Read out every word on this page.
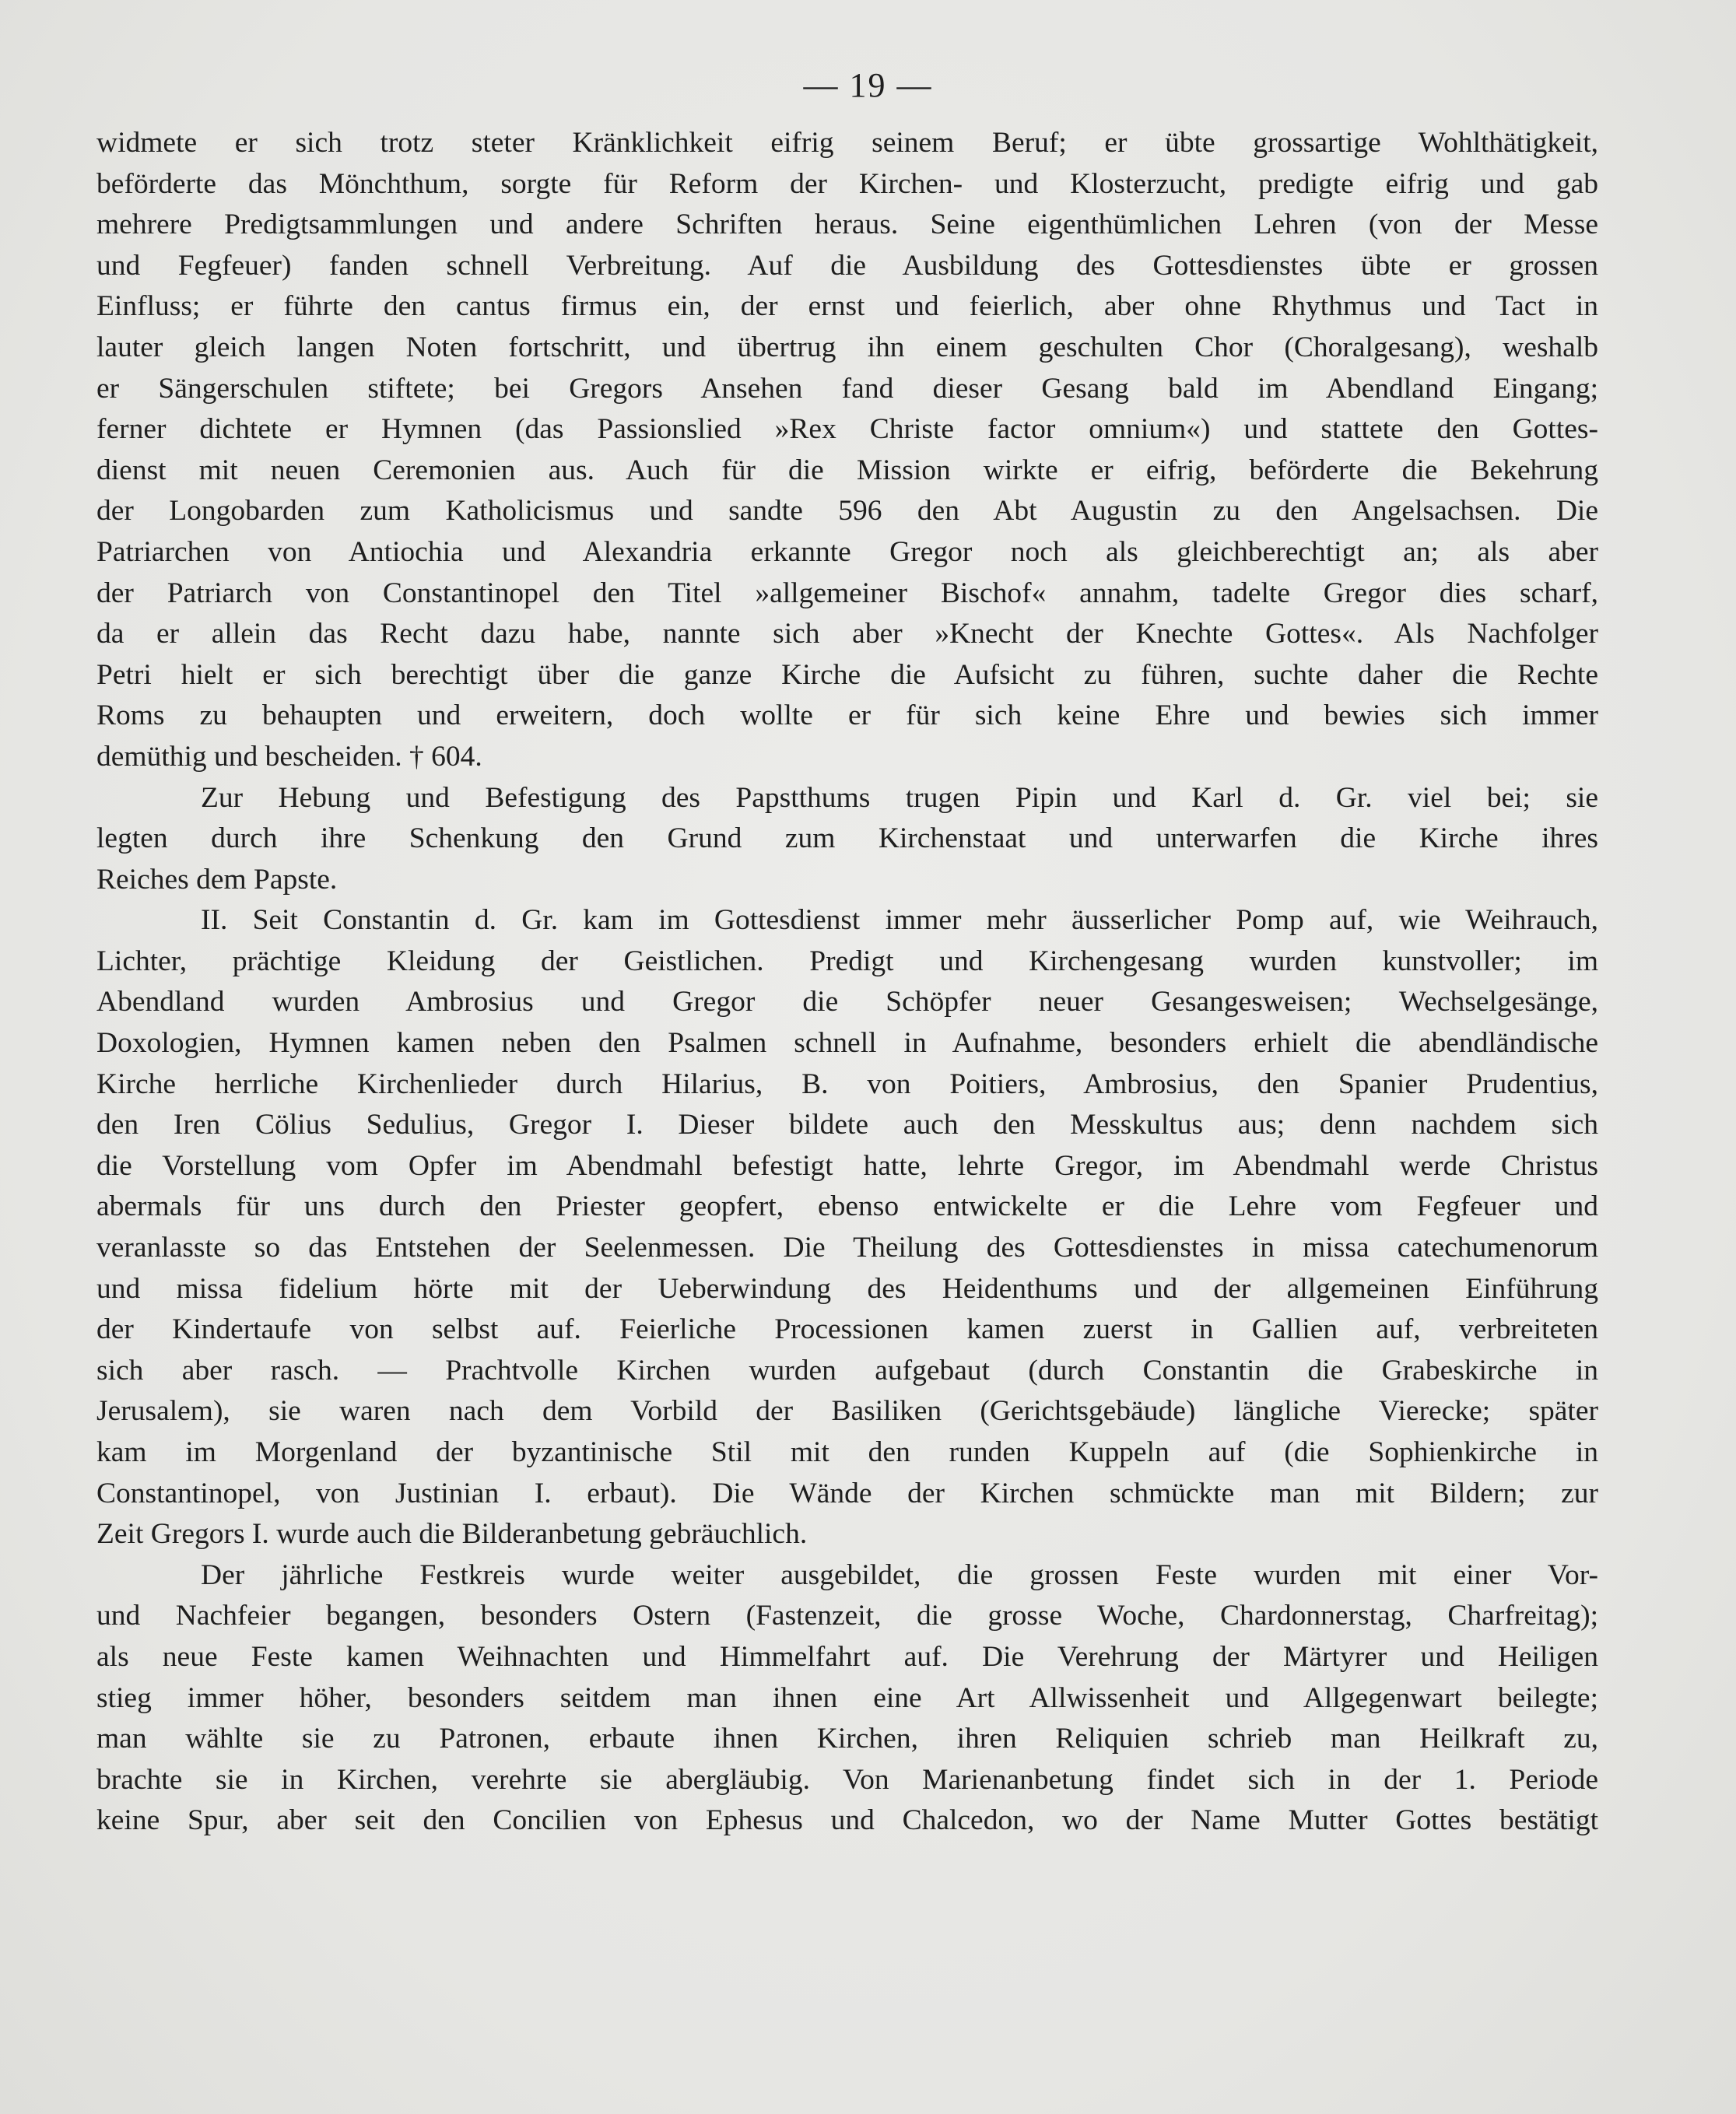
— 19 —

widmete er sich trotz steter Kränklichkeit eifrig seinem Beruf; er übte grossartige Wohlthätigkeit,

beförderte das Mönchthum, sorgte für Reform der Kirchen- und Klosterzucht, predigte eifrig und gab

mehrere Predigtsammlungen und andere Schriften heraus. Seine eigenthümlichen Lehren (von der Messe

und Fegfeuer) fanden schnell Verbreitung. Auf die Ausbildung des Gottesdienstes übte er grossen

Einfluss; er führte den cantus firmus ein, der ernst und feierlich, aber ohne Rhythmus und Tact in

lauter gleich langen Noten fortschritt, und übertrug ihn einem geschulten Chor (Choralgesang), weshalb

er Sängerschulen stiftete; bei Gregors Ansehen fand dieser Gesang bald im Abendland Eingang;

ferner dichtete er Hymnen (das Passionslied »Rex Christe factor omnium«) und stattete den Gottes-

dienst mit neuen Ceremonien aus. Auch für die Mission wirkte er eifrig, beförderte die Bekehrung

der Longobarden zum Katholicismus und sandte 596 den Abt Augustin zu den Angelsachsen. Die

Patriarchen von Antiochia und Alexandria erkannte Gregor noch als gleichberechtigt an; als aber

der Patriarch von Constantinopel den Titel »allgemeiner Bischof« annahm, tadelte Gregor dies scharf,

da er allein das Recht dazu habe, nannte sich aber »Knecht der Knechte Gottes«. Als Nachfolger

Petri hielt er sich berechtigt über die ganze Kirche die Aufsicht zu führen, suchte daher die Rechte

Roms zu behaupten und erweitern, doch wollte er für sich keine Ehre und bewies sich immer

demüthig und bescheiden. † 604.

Zur Hebung und Befestigung des Papstthums trugen Pipin und Karl d. Gr. viel bei; sie

legten durch ihre Schenkung den Grund zum Kirchenstaat und unterwarfen die Kirche ihres

Reiches dem Papste.

II. Seit Constantin d. Gr. kam im Gottesdienst immer mehr äusserlicher Pomp auf, wie Weihrauch,

Lichter, prächtige Kleidung der Geistlichen. Predigt und Kirchengesang wurden kunstvoller; im

Abendland wurden Ambrosius und Gregor die Schöpfer neuer Gesangesweisen; Wechselgesänge,

Doxologien, Hymnen kamen neben den Psalmen schnell in Aufnahme, besonders erhielt die abendländische

Kirche herrliche Kirchenlieder durch Hilarius, B. von Poitiers, Ambrosius, den Spanier Prudentius,

den Iren Cölius Sedulius, Gregor I. Dieser bildete auch den Messkultus aus; denn nachdem sich

die Vorstellung vom Opfer im Abendmahl befestigt hatte, lehrte Gregor, im Abendmahl werde Christus

abermals für uns durch den Priester geopfert, ebenso entwickelte er die Lehre vom Fegfeuer und

veranlasste so das Entstehen der Seelenmessen. Die Theilung des Gottesdienstes in missa catechumenorum

und missa fidelium hörte mit der Ueberwindung des Heidenthums und der allgemeinen Einführung

der Kindertaufe von selbst auf. Feierliche Processionen kamen zuerst in Gallien auf, verbreiteten

sich aber rasch. — Prachtvolle Kirchen wurden aufgebaut (durch Constantin die Grabeskirche in

Jerusalem), sie waren nach dem Vorbild der Basiliken (Gerichtsgebäude) längliche Vierecke; später

kam im Morgenland der byzantinische Stil mit den runden Kuppeln auf (die Sophienkirche in

Constantinopel, von Justinian I. erbaut). Die Wände der Kirchen schmückte man mit Bildern; zur

Zeit Gregors I. wurde auch die Bilderanbetung gebräuchlich.

Der jährliche Festkreis wurde weiter ausgebildet, die grossen Feste wurden mit einer Vor-

und Nachfeier begangen, besonders Ostern (Fastenzeit, die grosse Woche, Chardonnerstag, Charfreitag);

als neue Feste kamen Weihnachten und Himmelfahrt auf. Die Verehrung der Märtyrer und Heiligen

stieg immer höher, besonders seitdem man ihnen eine Art Allwissenheit und Allgegenwart beilegte;

man wählte sie zu Patronen, erbaute ihnen Kirchen, ihren Reliquien schrieb man Heilkraft zu,

brachte sie in Kirchen, verehrte sie abergläubig. Von Marienanbetung findet sich in der 1. Periode

keine Spur, aber seit den Concilien von Ephesus und Chalcedon, wo der Name Mutter Gottes bestätigt
